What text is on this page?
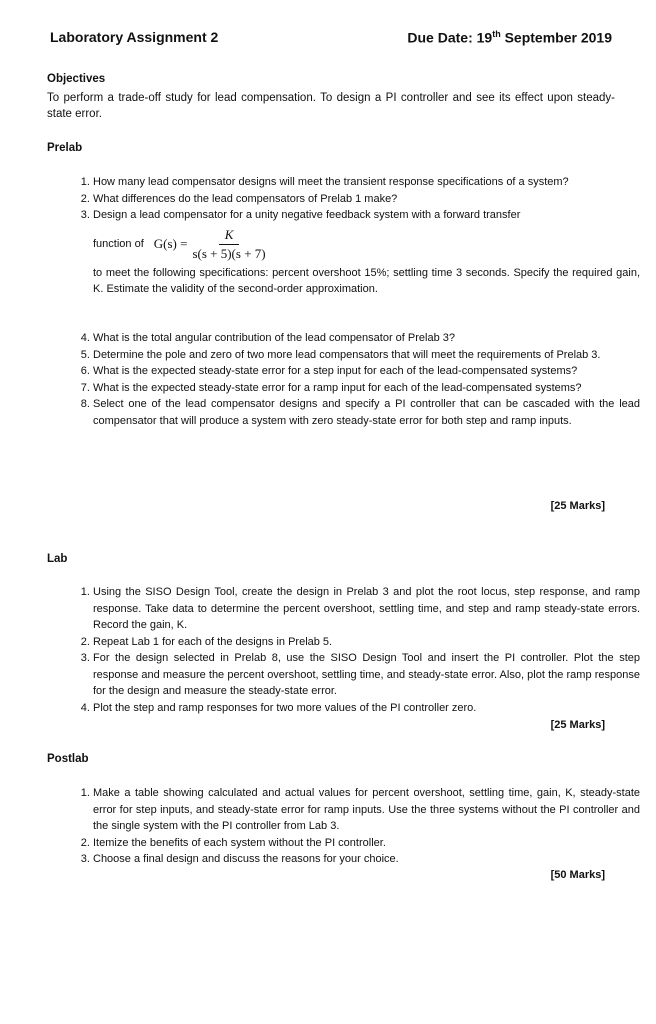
Laboratory Assignment 2	Due Date: 19th September 2019
Objectives
To perform a trade-off study for lead compensation. To design a PI controller and see its effect upon steady-state error.
Prelab
1. How many lead compensator designs will meet the transient response specifications of a system?
2. What differences do the lead compensators of Prelab 1 make?
3. Design a lead compensator for a unity negative feedback system with a forward transfer
function of $G(s) = \frac{K}{s(s + 5)(s + 7)}$
to meet the following specifications: percent overshoot 15%; settling time 3 seconds. Specify the required gain, K. Estimate the validity of the second-order approximation.
4. What is the total angular contribution of the lead compensator of Prelab 3?
5. Determine the pole and zero of two more lead compensators that will meet the requirements of Prelab 3.
6. What is the expected steady-state error for a step input for each of the lead-compensated systems?
7. What is the expected steady-state error for a ramp input for each of the lead-compensated systems?
8. Select one of the lead compensator designs and specify a PI controller that can be cascaded with the lead compensator that will produce a system with zero steady-state error for both step and ramp inputs.
[25 Marks]
Lab
1. Using the SISO Design Tool, create the design in Prelab 3 and plot the root locus, step response, and ramp response. Take data to determine the percent overshoot, settling time, and step and ramp steady-state errors. Record the gain, K.
2. Repeat Lab 1 for each of the designs in Prelab 5.
3. For the design selected in Prelab 8, use the SISO Design Tool and insert the PI controller. Plot the step response and measure the percent overshoot, settling time, and steady-state error. Also, plot the ramp response for the design and measure the steady-state error.
4. Plot the step and ramp responses for two more values of the PI controller zero.
[25 Marks]
Postlab
1. Make a table showing calculated and actual values for percent overshoot, settling time, gain, K, steady-state error for step inputs, and steady-state error for ramp inputs. Use the three systems without the PI controller and the single system with the PI controller from Lab 3.
2. Itemize the benefits of each system without the PI controller.
3. Choose a final design and discuss the reasons for your choice.
[50 Marks]
